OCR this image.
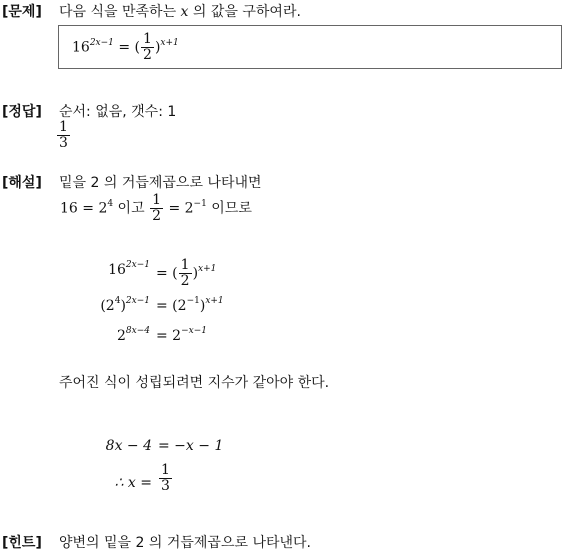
[문제] 다음 식을 만족하는 x 의 값을 구하여라.
$16^{2x-1}$ = ( $\frac{1}{2} )^{x+1}$
[정답] 순서: 없음, 갯수: 1
$\frac{1}{3}$
[해설] 밑을 2 의 거듭제곱으로 나타내면
$16 = 2^4$ 이고 $\frac{1}{2} = 2^{-1}$ 이므로
$16^{2x-1}$
= ( $\frac{1}{2} )^{x+1}$
$(2^4)^{2x-1} = (2^{-1})^{x+1}$
$2^{8x-4} = 2^{-x-1}$
주어진 식이 성립되려면 지수가 같아야 한다.
8x − 4 = −x − 1
∴ $x = \frac{1}{3}$
[힌트] 양변의 밑을 2 의 거듭제곱으로 나타낸다.
